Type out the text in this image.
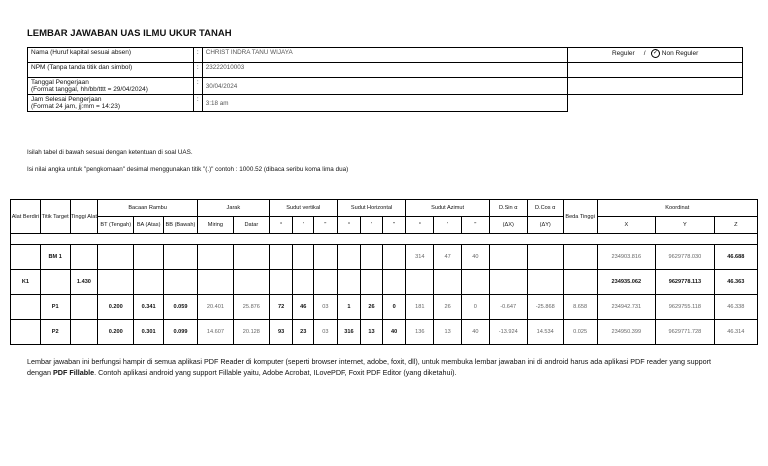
LEMBAR JAWABAN UAS ILMU UKUR TANAH
Nama (Huruf kapital sesuai absen)	:	CHRIST INDRA TANU WIJAYA	Reguler / ✓ Non Reguler
NPM (Tanpa tanda titik dan simbol)	:	23222010003	
Tanggal Pengerjaan
(Format tanggal, hh/bb/tttt = 29/04/2024)	:	30/04/2024	
Jam Selesai Pengerjaan
(Format 24 jam, jj:mm = 14:23)	:	3:18 am	
Isilah tabel di bawah sesuai dengan ketentuan di soal UAS.
Isi nilai angka untuk "pengkomaan" desimal menggunakan titik "(.)" contoh : 1000.52 (dibaca seribu koma lima dua)
Alat Berdiri	Titik Target	Tinggi Alat	Bacaan Rambu			Jarak		Sudut vertikal			Sudut Horizontal			Sudut Azimut			D.Sin α	D.Cos α	Beda Tinggi	Koordinat		
			BT (Tengah)	BA (Atas)	BB (Bawah)	Miring	Datar	°	'	"	°	'	"	°	'	"	(ΔX)	(ΔY)		X	Y	Z

	BM 1													314	47	40				234903.816	9629778.030	46.688
K1		1.430																		234935.062	9629778.113	46.363
	P1		0.200	0.341	0.059	20.401	25.876	72	46	03	1	26	0	181	26	0	-0.647	-25.868	8.658	234942.731	9629755.118	46.338
	P2		0.200	0.301	0.099	14.607	20.128	93	23	03	316	13	40	136	13	40	-13.924	14.534	0.025	234950.399	9629771.728	46.314
Lembar jawaban ini berfungsi hampir di semua aplikasi PDF Reader di komputer (seperti browser internet, adobe, foxit, dll), untuk membuka lembar jawaban ini di android harus ada aplikasi PDF reader yang support dengan PDF Fillable. Contoh aplikasi android yang support Fillable yaitu, Adobe Acrobat, ILovePDF, Foxit PDF Editor (yang diketahui).
